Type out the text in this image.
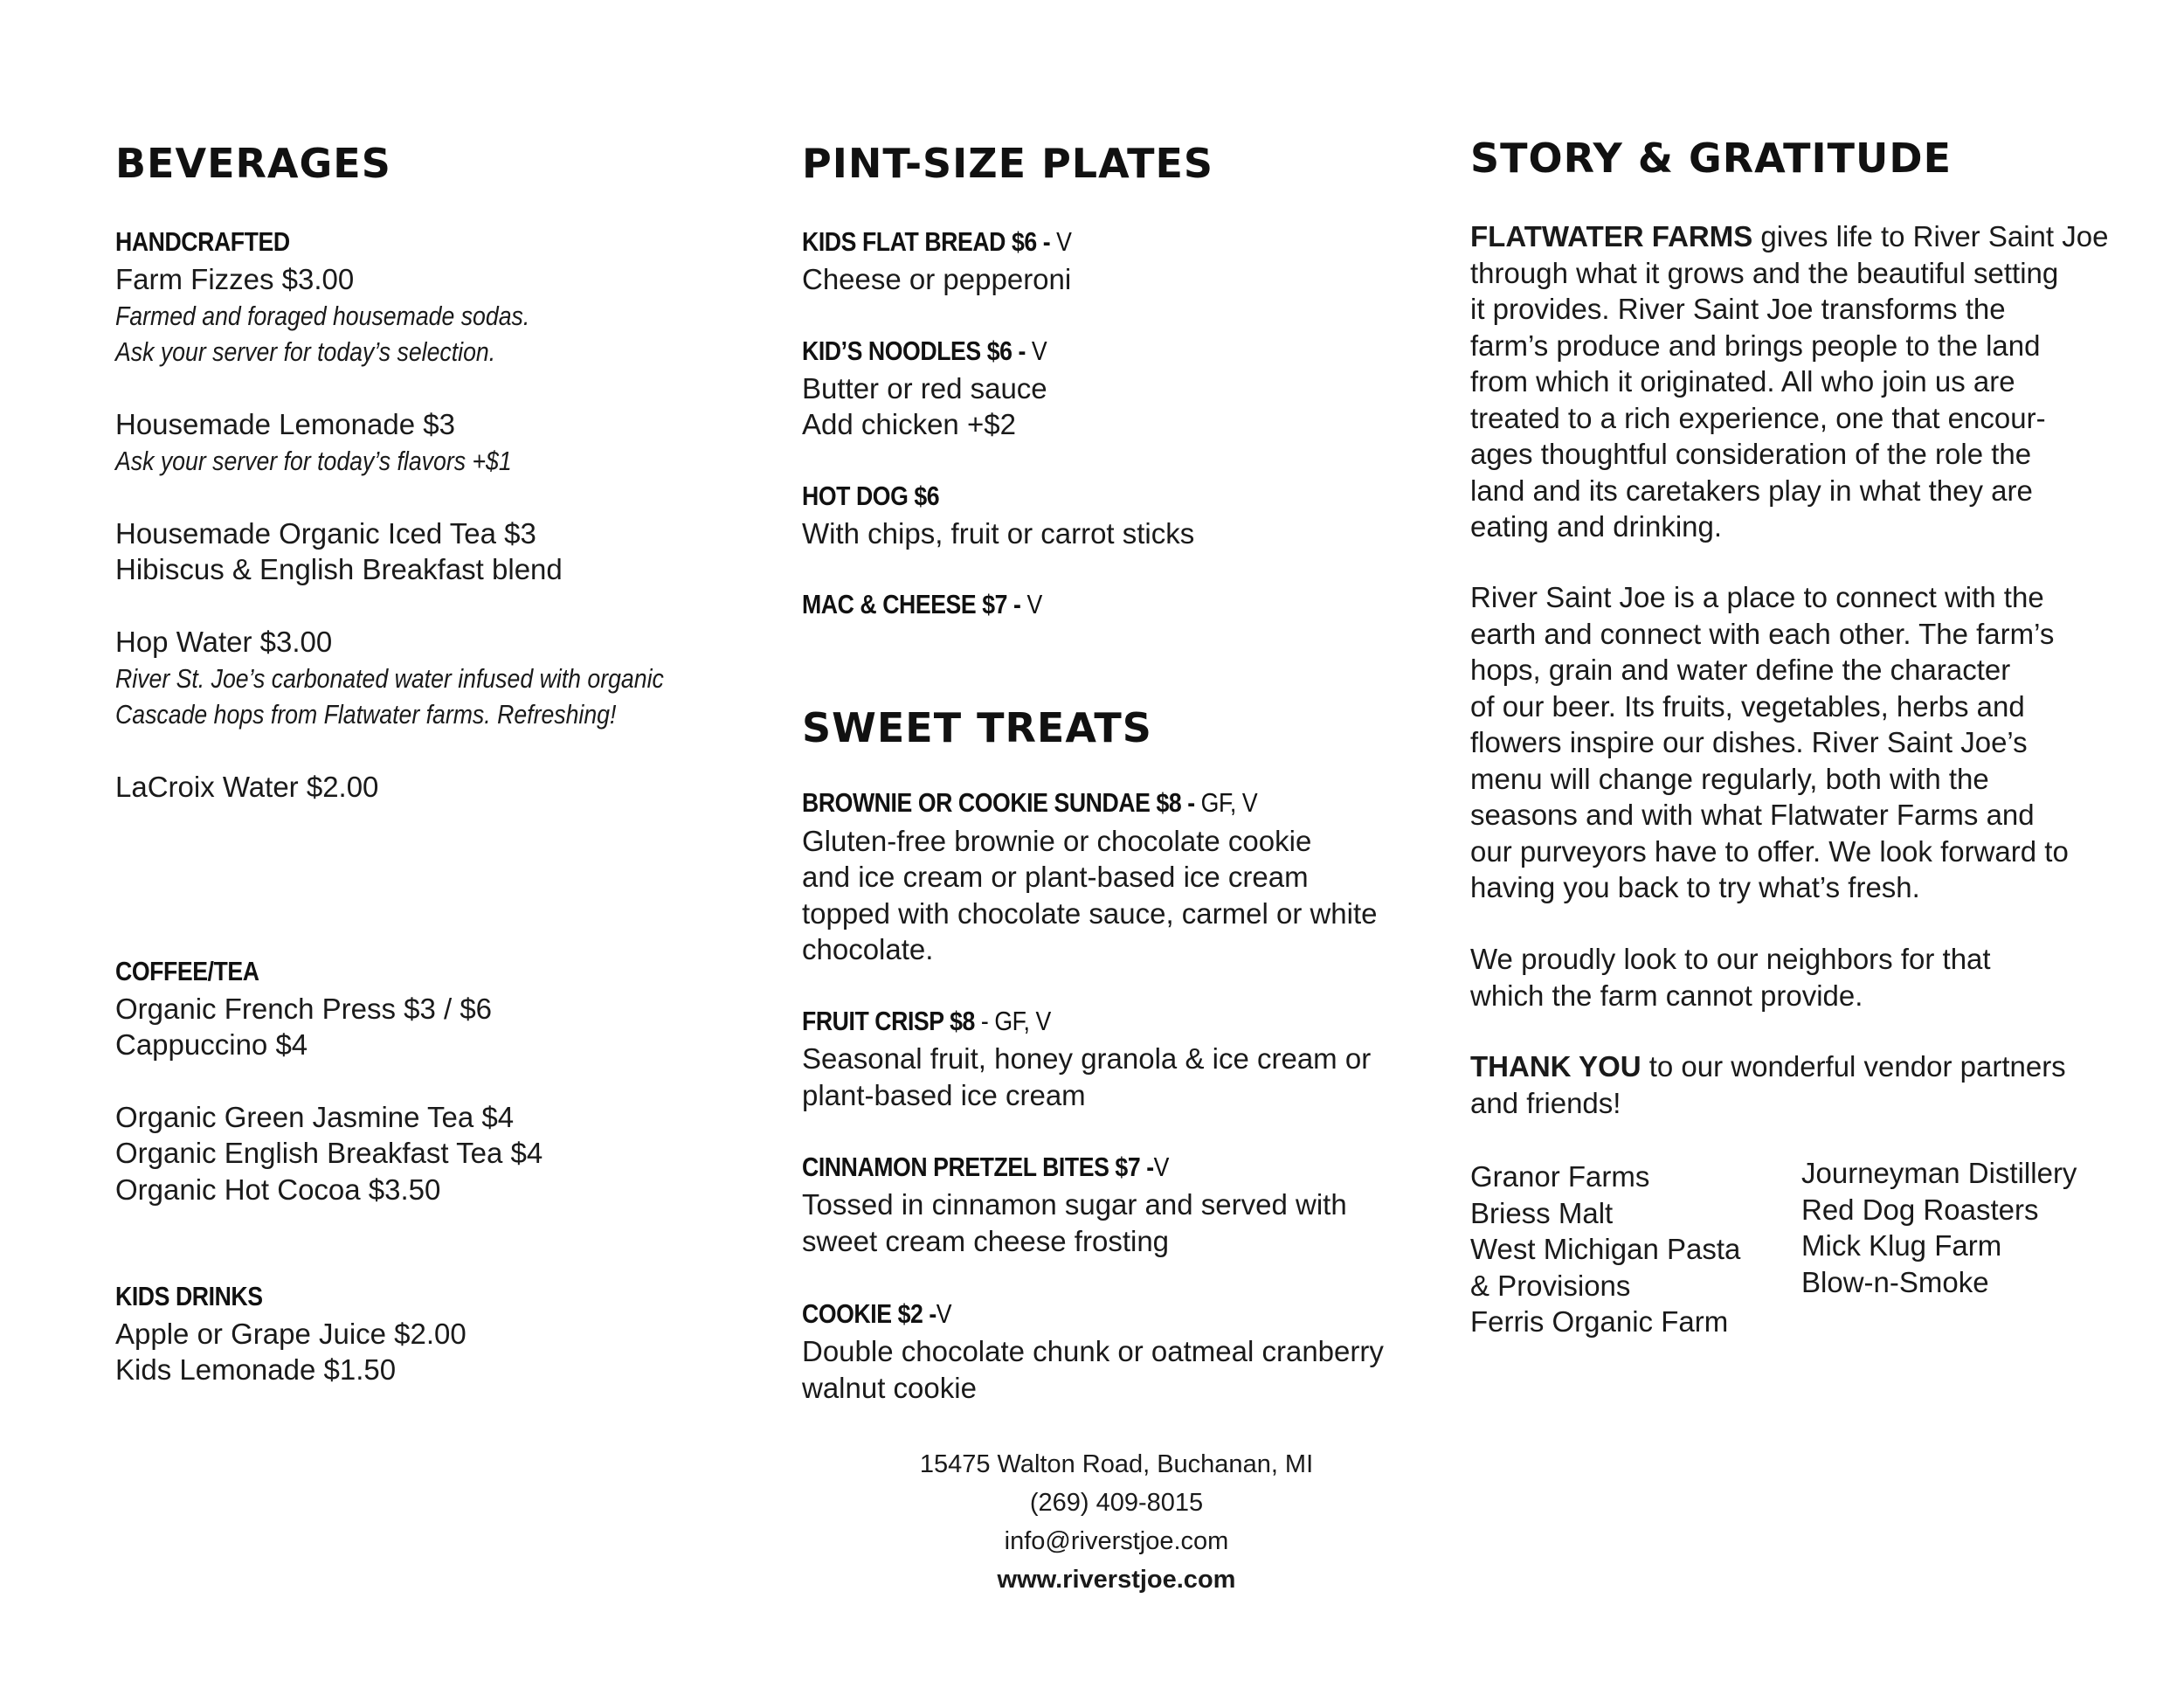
BEVERAGES
HANDCRAFTED
Farm Fizzes $3.00
Farmed and foraged housemade sodas.
Ask your server for today’s selection.
Housemade Lemonade $3
Ask your server for today’s flavors +$1
Housemade Organic Iced Tea $3
Hibiscus & English Breakfast blend
Hop Water $3.00
River St. Joe’s carbonated water infused with organic
Cascade hops from Flatwater farms. Refreshing!
LaCroix Water $2.00
COFFEE/TEA
Organic French Press $3 / $6
Cappuccino $4
Organic Green Jasmine Tea $4
Organic English Breakfast Tea $4
Organic Hot Cocoa $3.50
KIDS DRINKS
Apple or Grape Juice $2.00
Kids Lemonade $1.50
PINT-SIZE PLATES
KIDS FLAT BREAD $6 - V
Cheese or pepperoni
KID’S NOODLES $6 - V
Butter or red sauce
Add chicken +$2
HOT DOG $6
With chips, fruit or carrot sticks
MAC & CHEESE $7 - V
SWEET TREATS
BROWNIE OR COOKIE SUNDAE $8 - GF, V
Gluten-free brownie or chocolate cookie
and ice cream or plant-based ice cream
topped with chocolate sauce, carmel or white
chocolate.
FRUIT CRISP $8 - GF, V
Seasonal fruit, honey granola & ice cream or
plant-based ice cream
CINNAMON PRETZEL BITES $7 -V
Tossed in cinnamon sugar and served with
sweet cream cheese frosting
COOKIE $2 -V
Double chocolate chunk or oatmeal cranberry
walnut cookie
15475 Walton Road, Buchanan, MI
(269) 409-8015
info@riverstjoe.com
www.riverstjoe.com
STORY & GRATITUDE
FLATWATER FARMS gives life to River Saint Joe
through what it grows and the beautiful setting
it provides. River Saint Joe transforms the
farm’s produce and brings people to the land
from which it originated. All who join us are
treated to a rich experience, one that encour-
ages thoughtful consideration of the role the
land and its caretakers play in what they are
eating and drinking.
River Saint Joe is a place to connect with the
earth and connect with each other. The farm’s
hops, grain and water define the character
of our beer. Its fruits, vegetables, herbs and
flowers inspire our dishes. River Saint Joe’s
menu will change regularly, both with the
seasons and with what Flatwater Farms and
our purveyors have to offer. We look forward to
having you back to try what’s fresh.
We proudly look to our neighbors for that
which the farm cannot provide.
THANK YOU to our wonderful vendor partners
and friends!
Granor Farms
Briess Malt
West Michigan Pasta
& Provisions
Ferris Organic Farm
Journeyman Distillery
Red Dog Roasters
Mick Klug Farm
Blow-n-Smoke
